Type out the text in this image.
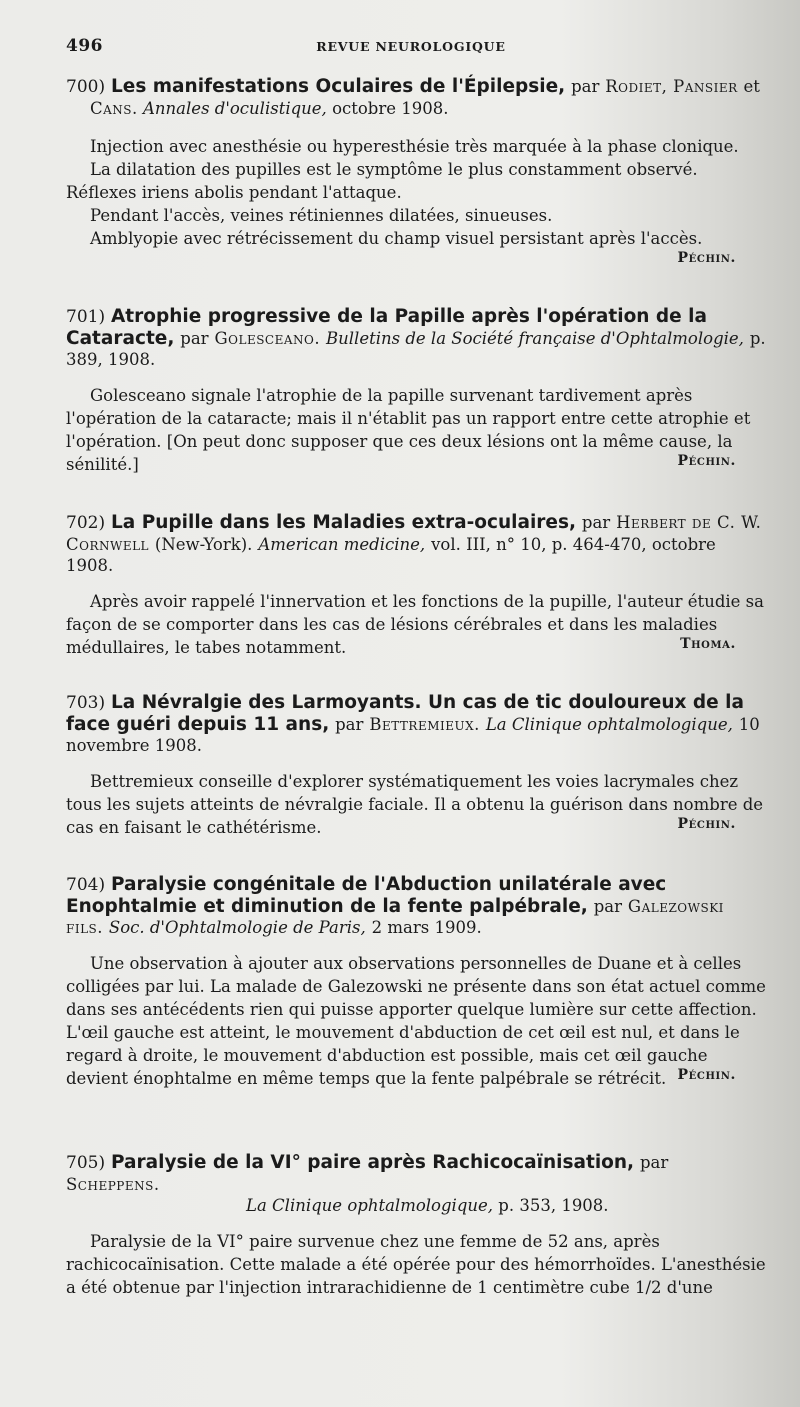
496	REVUE NEUROLOGIQUE

700) Les manifestations Oculaires de l'Épilepsie, par Rodiet, Pansier et
Cans. Annales d'oculistique, octobre 1908.

Injection avec anesthésie ou hyperesthésie très marquée à la phase clonique.

La dilatation des pupilles est le symptôme le plus constamment observé.

Réflexes iriens abolis pendant l'attaque.

Pendant l'accès, veines rétiniennes dilatées, sinueuses.

Amblyopie avec rétrécissement du champ visuel persistant après l'accès.

Péchin.

701) Atrophie progressive de la Papille après l'opération de la Cataracte, par Golesceano. Bulletins de la Société française d'Ophtalmologie, p. 389, 1908.

Golesceano signale l'atrophie de la papille survenant tardivement après l'opération de la cataracte; mais il n'établit pas un rapport entre cette atrophie et l'opération. [On peut donc supposer que ces deux lésions ont la même cause, la sénilité.]	Péchin.

702) La Pupille dans les Maladies extra-oculaires, par Herbert de C. W. Cornwell (New-York). American medicine, vol. III, n° 10, p. 464-470, octobre 1908.

Après avoir rappelé l'innervation et les fonctions de la pupille, l'auteur étudie sa façon de se comporter dans les cas de lésions cérébrales et dans les maladies médullaires, le tabes notamment.	Thoma.

703) La Névralgie des Larmoyants. Un cas de tic douloureux de la face guéri depuis 11 ans, par Bettremieux. La Clinique ophtalmologique, 10 novembre 1908.

Bettremieux conseille d'explorer systématiquement les voies lacrymales chez tous les sujets atteints de névralgie faciale. Il a obtenu la guérison dans nombre de cas en faisant le cathétérisme.	Péchin.

704) Paralysie congénitale de l'Abduction unilatérale avec Enophtalmie et diminution de la fente palpébrale, par Galezowski fils. Soc. d'Ophtalmologie de Paris, 2 mars 1909.

Une observation à ajouter aux observations personnelles de Duane et à celles colligées par lui. La malade de Galezowski ne présente dans son état actuel comme dans ses antécédents rien qui puisse apporter quelque lumière sur cette affection. L'œil gauche est atteint, le mouvement d'abduction de cet œil est nul, et dans le regard à droite, le mouvement d'abduction est possible, mais cet œil gauche devient énophtalme en même temps que la fente palpébrale se rétrécit. Péchin.

705) Paralysie de la VI° paire après Rachicocaïnisation, par Scheppens.
La Clinique ophtalmologique, p. 353, 1908.

Paralysie de la VI° paire survenue chez une femme de 52 ans, après rachicocaïnisation. Cette malade a été opérée pour des hémorrhoïdes. L'anesthésie a été obtenue par l'injection intrarachidienne de 1 centimètre cube 1/2 d'une
